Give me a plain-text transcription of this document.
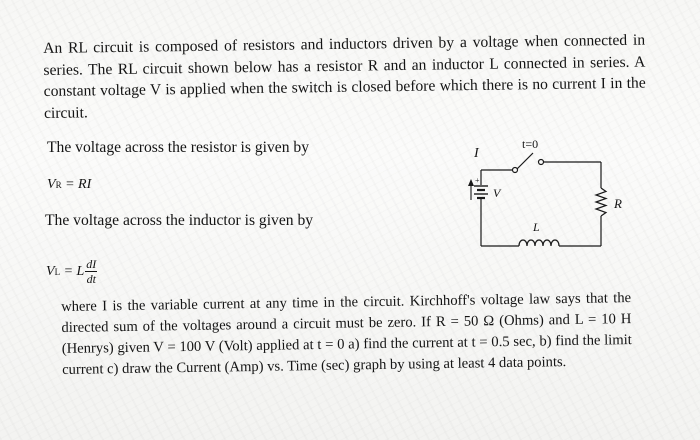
An RL circuit is composed of resistors and inductors driven by a voltage when connected in series. The RL circuit shown below has a resistor R and an inductor L connected in series. A constant voltage V is applied when the switch is closed before which there is no current I in the circuit.

The voltage across the resistor is given by

VR = RI

The voltage across the inductor is given by

VL = L $\frac{dI}{dt}$
+
V
I
t=0
R
L

where I is the variable current at any time in the circuit. Kirchhoff's voltage law says that the directed sum of the voltages around a circuit must be zero. If R = 50 Ω (Ohms) and L = 10 H (Henrys) given V = 100 V (Volt) applied at t = 0 a) find the current at t = 0.5 sec, b) find the limit current c) draw the Current (Amp) vs. Time (sec) graph by using at least 4 data points.
